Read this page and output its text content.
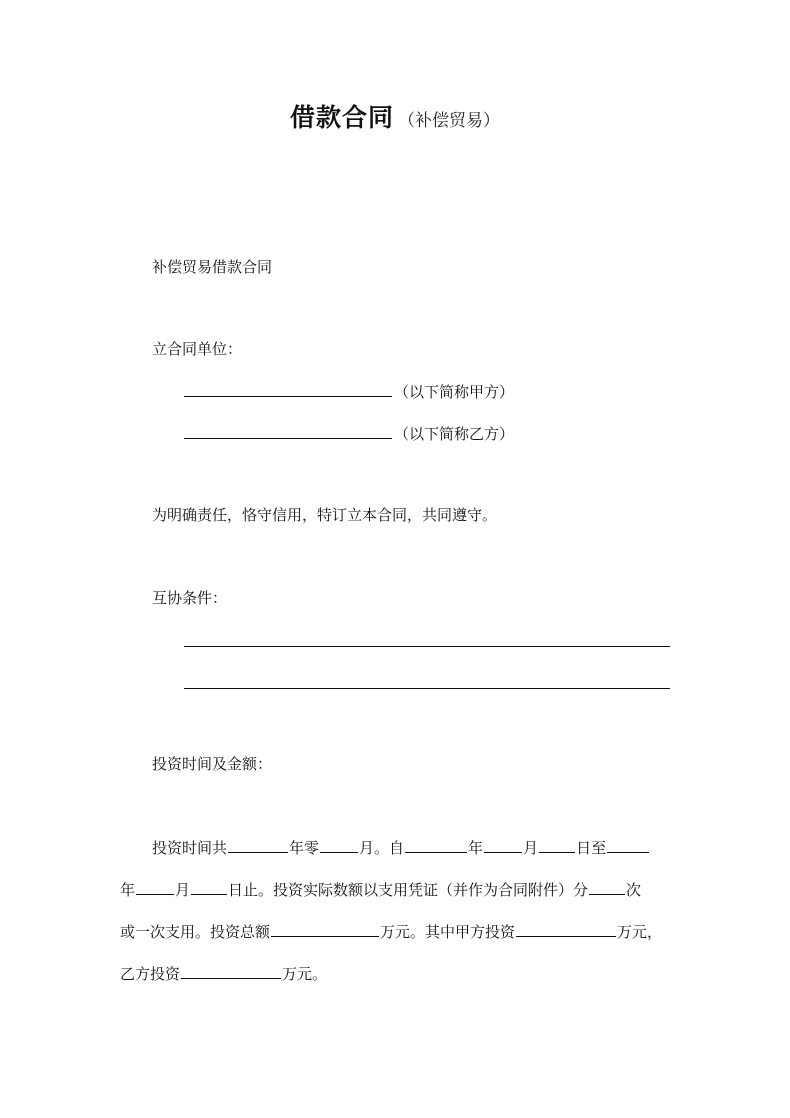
借款合同 （补偿贸易）
补偿贸易借款合同
立合同单位：
（以下简称甲方）
（以下简称乙方）
为明确责任，恪守信用，特订立本合同，共同遵守。
互协条件：
投资时间及金额：
投资时间共	年零	月。自	年	月	日至
年	月	日止。投资实际数额以支用凭证（并作为合同附件）分	次
或一次支用。投资总额	万元。其中甲方投资	万元，
乙方投资	万元。
